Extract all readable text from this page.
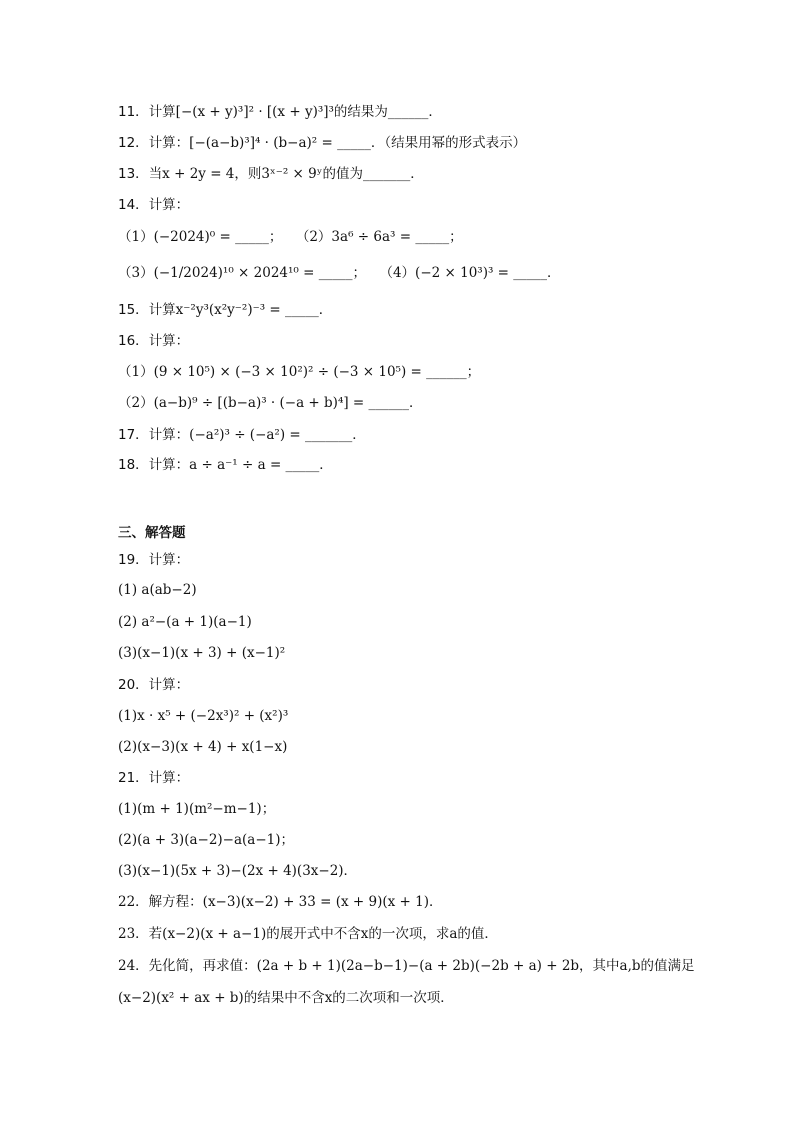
11．计算[−(x + y)³]² · [(x + y)³]³的结果为______．
12．计算：[−(a−b)³]⁴ · (b−a)² = _____．（结果用幂的形式表示）
13．当x + 2y = 4，则3ˣ⁻² × 9ʸ的值为_______．
14．计算：
（1）(−2024)⁰ = _____；　　（2）3a⁶ ÷ 6a³ = _____；
（3）(−1/2024)¹⁰ × 2024¹⁰ = _____；　　（4）(−2 × 10³)³ = _____．
15．计算x⁻²y³(x²y⁻²)⁻³ = _____．
16．计算：
（1）(9 × 10⁵) × (−3 × 10²)² ÷ (−3 × 10⁵) = ______；
（2）(a−b)⁹ ÷ [(b−a)³ · (−a + b)⁴] = ______．
17．计算：(−a²)³ ÷ (−a²) = _______．
18．计算：a ÷ a⁻¹ ÷ a = _____．
三、解答题
19．计算：
(1) a(ab−2)
(2) a²−(a + 1)(a−1)
(3)(x−1)(x + 3) + (x−1)²
20．计算：
(1)x · x⁵ + (−2x³)² + (x²)³
(2)(x−3)(x + 4) + x(1−x)
21．计算：
(1)(m + 1)(m²−m−1)；
(2)(a + 3)(a−2)−a(a−1)；
(3)(x−1)(5x + 3)−(2x + 4)(3x−2)．
22．解方程：(x−3)(x−2) + 33 = (x + 9)(x + 1)．
23．若(x−2)(x + a−1)的展开式中不含x的一次项，求a的值．
24．先化简，再求值：(2a + b + 1)(2a−b−1)−(a + 2b)(−2b + a) + 2b，其中a,b的值满足
(x−2)(x² + ax + b)的结果中不含x的二次项和一次项．
